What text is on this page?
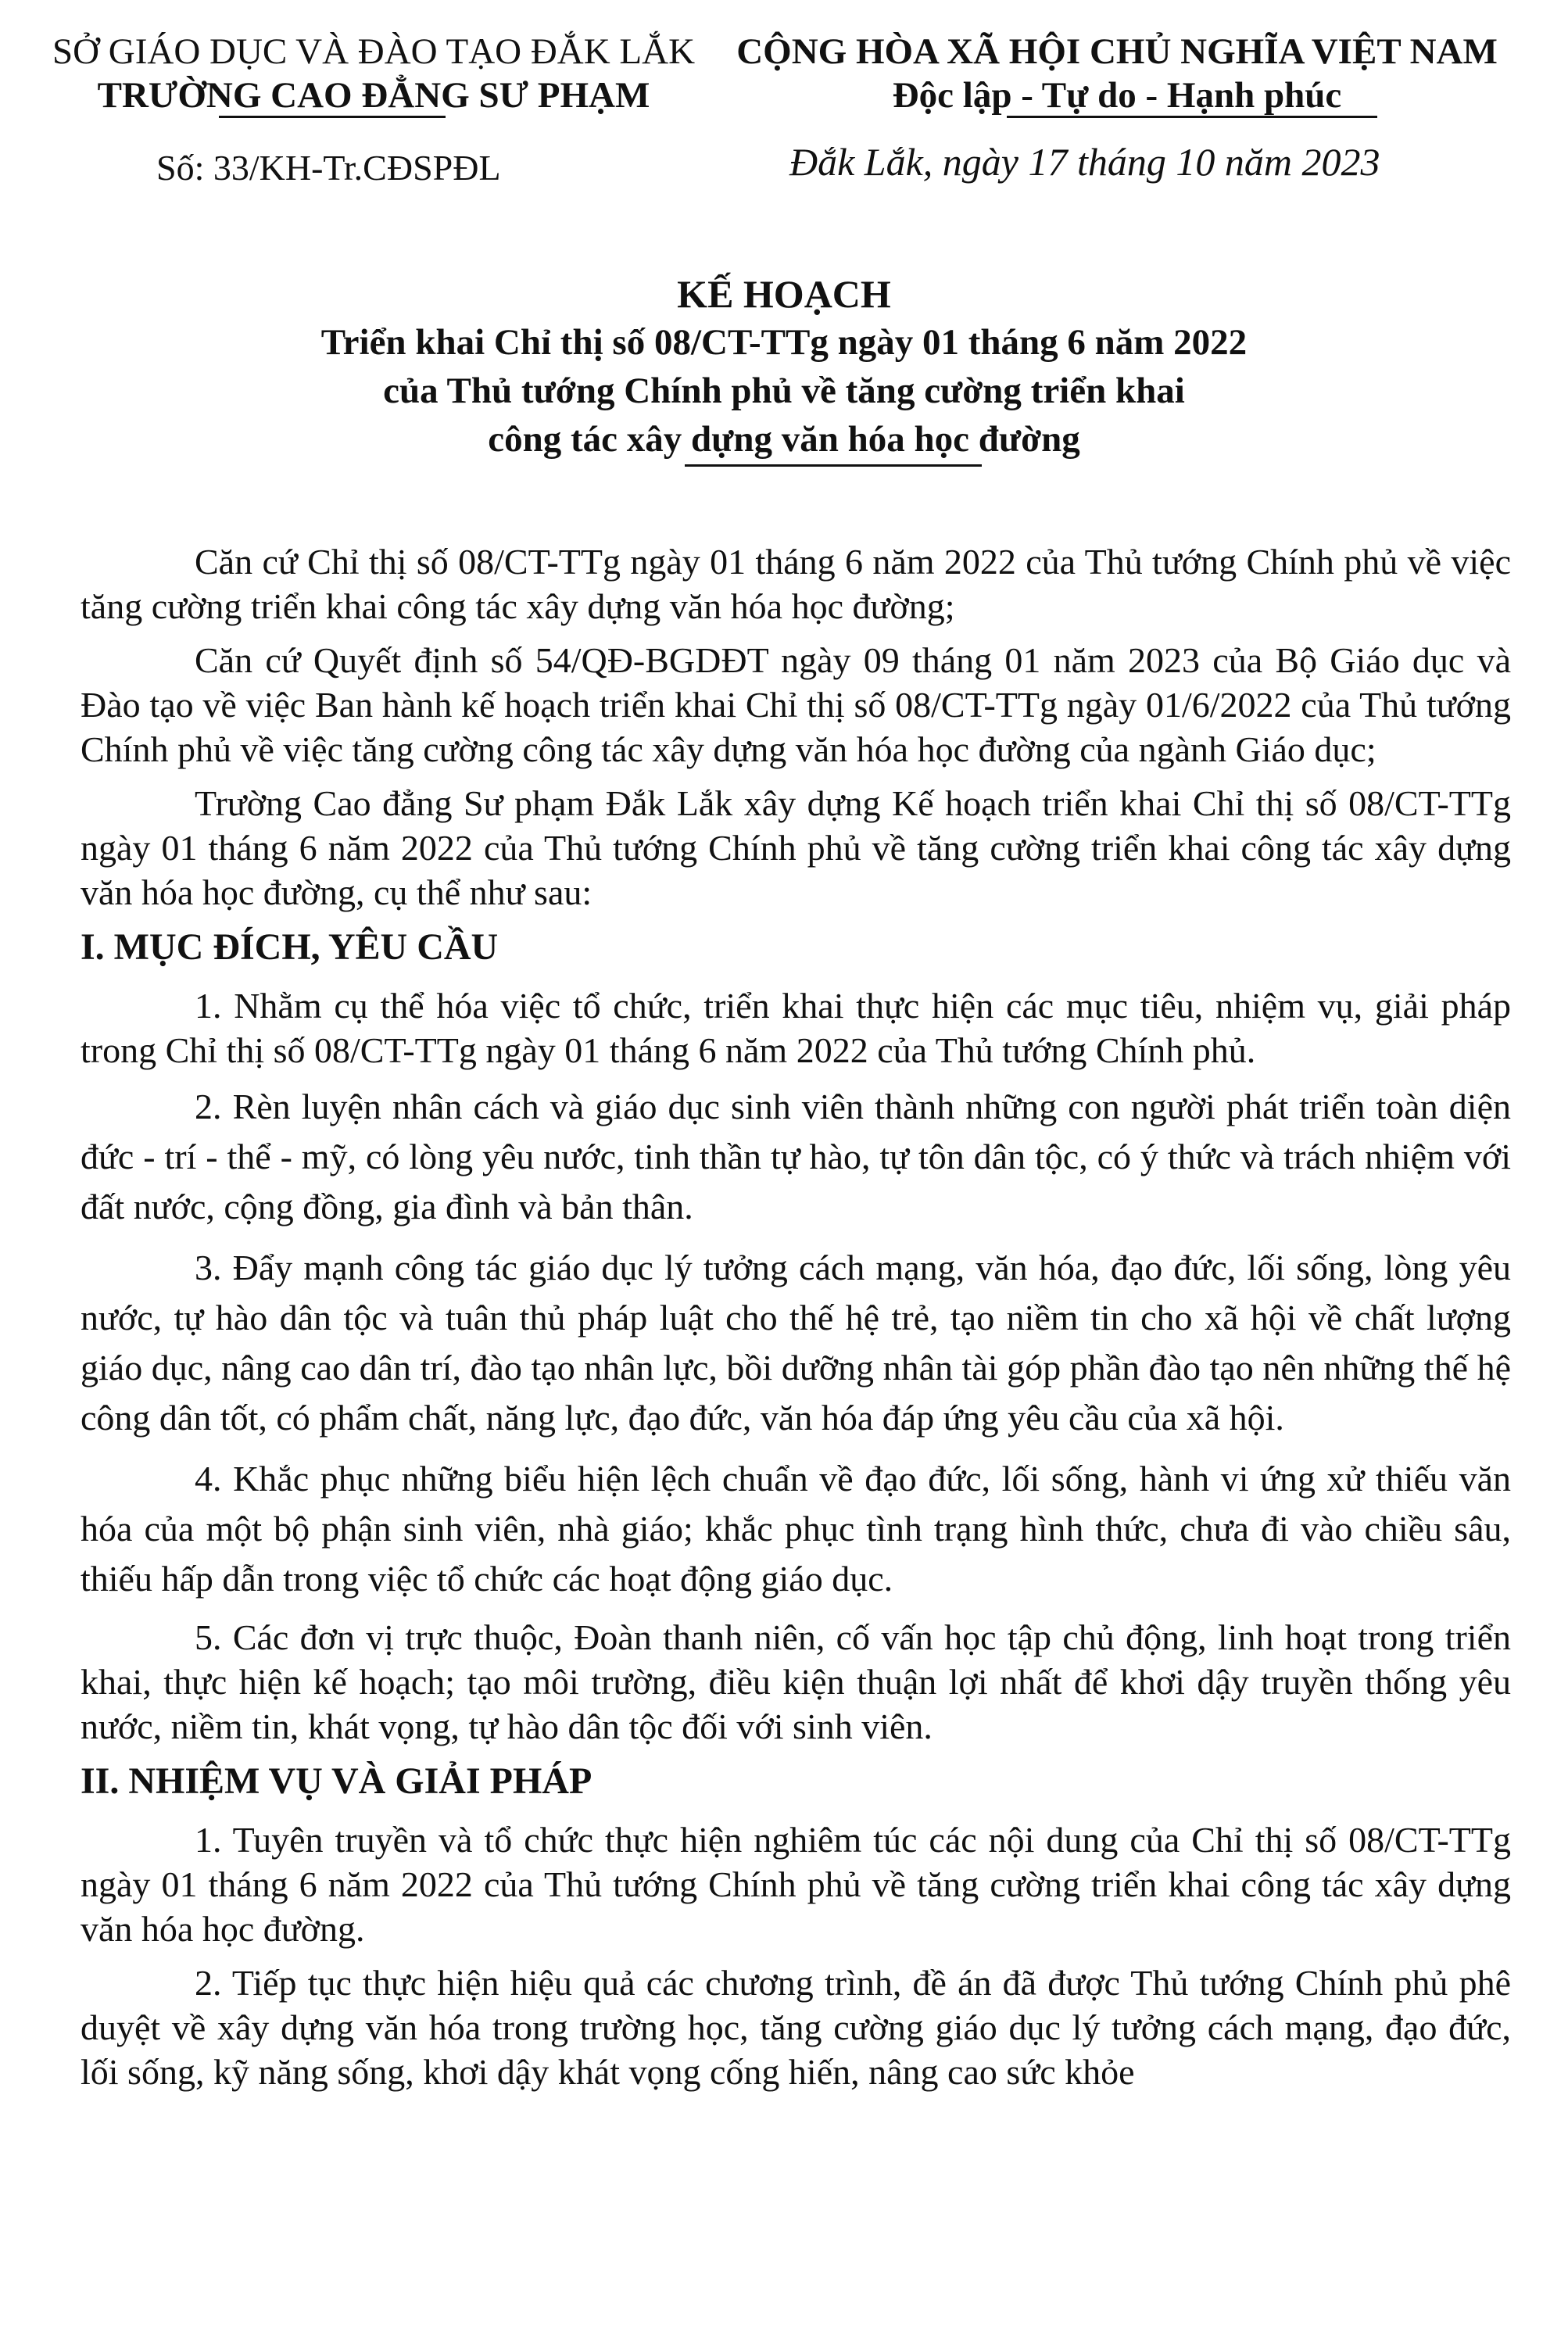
SỞ GIÁO DỤC VÀ ĐÀO TẠO ĐẮK LẮK
TRƯỜNG CAO ĐẲNG SƯ PHẠM
CỘNG HÒA XÃ HỘI CHỦ NGHĨA VIỆT NAM
Độc lập - Tự do - Hạnh phúc
Số: 33/KH-Tr.CĐSPĐL	Đắk Lắk, ngày 17 tháng 10 năm 2023
KẾ HOẠCH
Triển khai Chỉ thị số 08/CT-TTg ngày 01 tháng 6 năm 2022
của Thủ tướng Chính phủ về tăng cường triển khai
công tác xây dựng văn hóa học đường

Căn cứ Chỉ thị số 08/CT-TTg ngày 01 tháng 6 năm 2022 của Thủ tướng Chính phủ về việc tăng cường triển khai công tác xây dựng văn hóa học đường;

Căn cứ Quyết định số 54/QĐ-BGDĐT ngày 09 tháng 01 năm 2023 của Bộ Giáo dục và Đào tạo về việc Ban hành kế hoạch triển khai Chỉ thị số 08/CT-TTg ngày 01/6/2022 của Thủ tướng Chính phủ về việc tăng cường công tác xây dựng văn hóa học đường của ngành Giáo dục;

Trường Cao đẳng Sư phạm Đắk Lắk xây dựng Kế hoạch triển khai Chỉ thị số 08/CT-TTg ngày 01 tháng 6 năm 2022 của Thủ tướng Chính phủ về tăng cường triển khai công tác xây dựng văn hóa học đường, cụ thể như sau:

I. MỤC ĐÍCH, YÊU CẦU

1. Nhằm cụ thể hóa việc tổ chức, triển khai thực hiện các mục tiêu, nhiệm vụ, giải pháp trong Chỉ thị số 08/CT-TTg ngày 01 tháng 6 năm 2022 của Thủ tướng Chính phủ.

2. Rèn luyện nhân cách và giáo dục sinh viên thành những con người phát triển toàn diện đức - trí - thể - mỹ, có lòng yêu nước, tinh thần tự hào, tự tôn dân tộc, có ý thức và trách nhiệm với đất nước, cộng đồng, gia đình và bản thân.

3. Đẩy mạnh công tác giáo dục lý tưởng cách mạng, văn hóa, đạo đức, lối sống, lòng yêu nước, tự hào dân tộc và tuân thủ pháp luật cho thế hệ trẻ, tạo niềm tin cho xã hội về chất lượng giáo dục, nâng cao dân trí, đào tạo nhân lực, bồi dưỡng nhân tài góp phần đào tạo nên những thế hệ công dân tốt, có phẩm chất, năng lực, đạo đức, văn hóa đáp ứng yêu cầu của xã hội.

4. Khắc phục những biểu hiện lệch chuẩn về đạo đức, lối sống, hành vi ứng xử thiếu văn hóa của một bộ phận sinh viên, nhà giáo; khắc phục tình trạng hình thức, chưa đi vào chiều sâu, thiếu hấp dẫn trong việc tổ chức các hoạt động giáo dục.

5. Các đơn vị trực thuộc, Đoàn thanh niên, cố vấn học tập chủ động, linh hoạt trong triển khai, thực hiện kế hoạch; tạo môi trường, điều kiện thuận lợi nhất để khơi dậy truyền thống yêu nước, niềm tin, khát vọng, tự hào dân tộc đối với sinh viên.

II. NHIỆM VỤ VÀ GIẢI PHÁP

1. Tuyên truyền và tổ chức thực hiện nghiêm túc các nội dung của Chỉ thị số 08/CT-TTg ngày 01 tháng 6 năm 2022 của Thủ tướng Chính phủ về tăng cường triển khai công tác xây dựng văn hóa học đường.

2. Tiếp tục thực hiện hiệu quả các chương trình, đề án đã được Thủ tướng Chính phủ phê duyệt về xây dựng văn hóa trong trường học, tăng cường giáo dục lý tưởng cách mạng, đạo đức, lối sống, kỹ năng sống, khơi dậy khát vọng cống hiến, nâng cao sức khỏe
